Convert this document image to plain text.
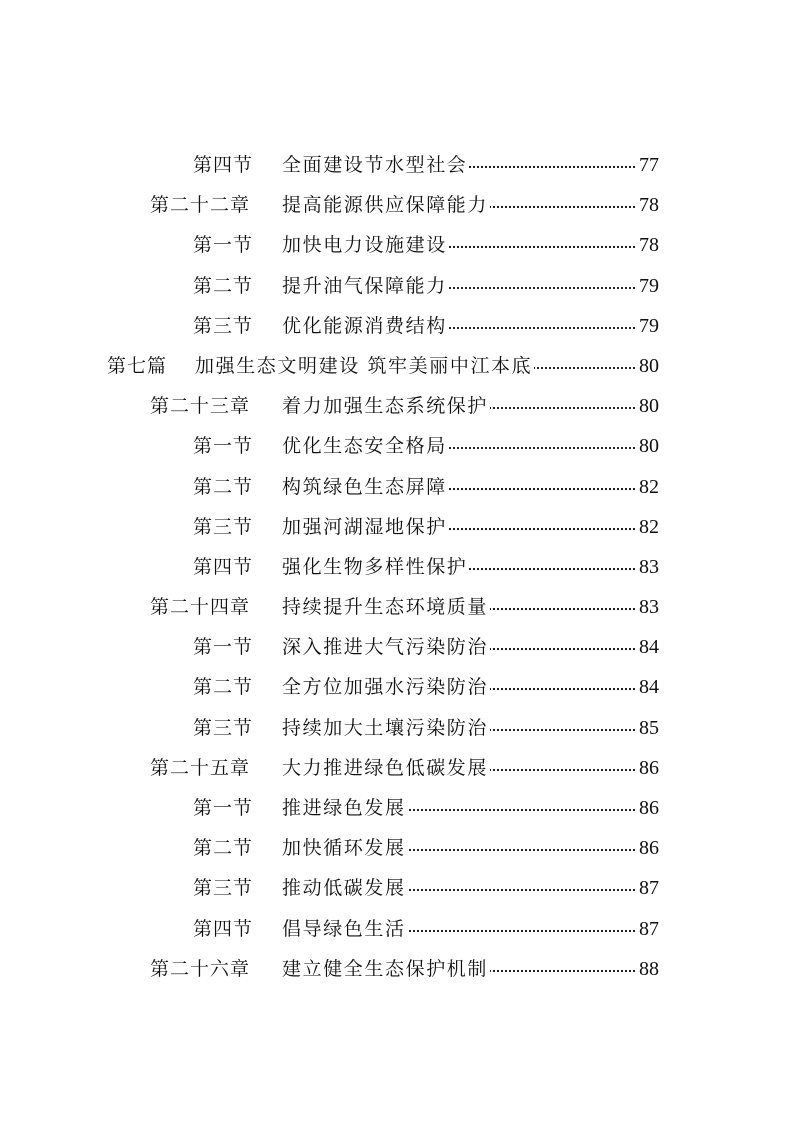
第四节 全面建设节水型社会	77
第二十二章 提高能源供应保障能力	78
第一节 加快电力设施建设	78
第二节 提升油气保障能力	79
第三节 优化能源消费结构	79
第七篇 加强生态文明建设 筑牢美丽中江本底	80
第二十三章 着力加强生态系统保护	80
第一节 优化生态安全格局	80
第二节 构筑绿色生态屏障	82
第三节 加强河湖湿地保护	82
第四节 强化生物多样性保护	83
第二十四章 持续提升生态环境质量	83
第一节 深入推进大气污染防治	84
第二节 全方位加强水污染防治	84
第三节 持续加大土壤污染防治	85
第二十五章 大力推进绿色低碳发展	86
第一节 推进绿色发展	86
第二节 加快循环发展	86
第三节 推动低碳发展	87
第四节 倡导绿色生活	87
第二十六章 建立健全生态保护机制	88
